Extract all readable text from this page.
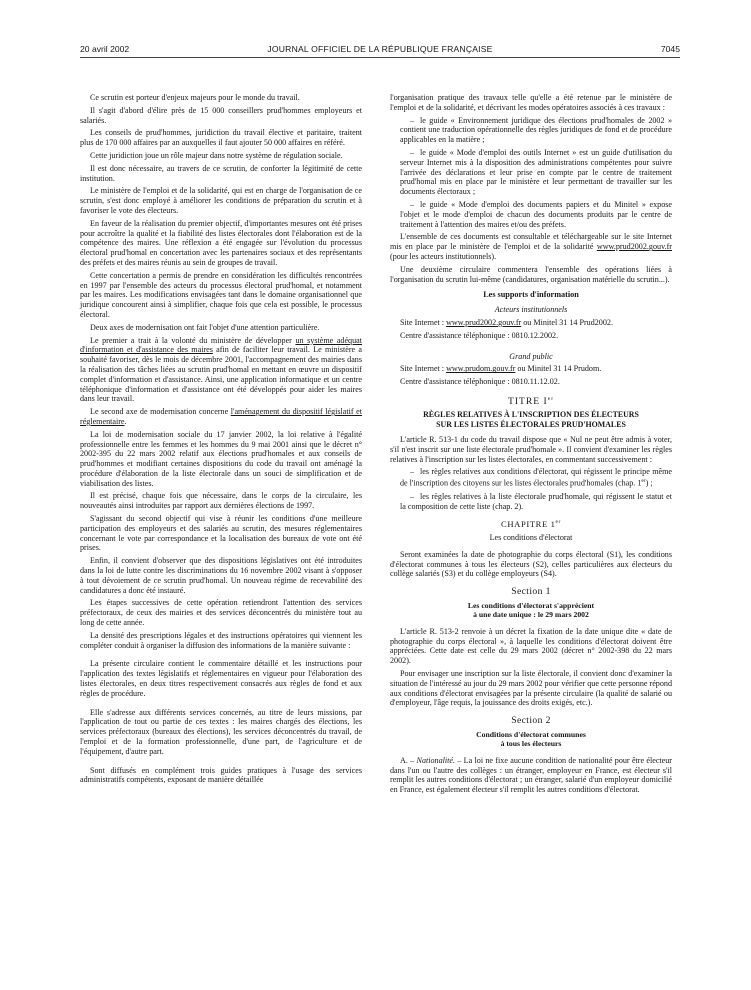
20 avril 2002	JOURNAL OFFICIEL DE LA RÉPUBLIQUE FRANÇAISE	7045

Ce scrutin est porteur d'enjeux majeurs pour le monde du travail.

Il s'agit d'abord d'élire près de 15 000 conseillers prud'hommes employeurs et salariés.

Les conseils de prud'hommes, juridiction du travail élective et paritaire, traitent plus de 170 000 affaires par an auxquelles il faut ajouter 50 000 affaires en référé.

Cette juridiction joue un rôle majeur dans notre système de régulation sociale.

Il est donc nécessaire, au travers de ce scrutin, de conforter la légitimité de cette institution.

Le ministère de l'emploi et de la solidarité, qui est en charge de l'organisation de ce scrutin, s'est donc employé à améliorer les conditions de préparation du scrutin et à favoriser le vote des électeurs.

En faveur de la réalisation du premier objectif, d'importantes mesures ont été prises pour accroître la qualité et la fiabilité des listes électorales dont l'élaboration est de la compétence des maires. Une réflexion a été engagée sur l'évolution du processus électoral prud'homal en concertation avec les partenaires sociaux et des représentants des préfets et des maires réunis au sein de groupes de travail.

Cette concertation a permis de prendre en considération les difficultés rencontrées en 1997 par l'ensemble des acteurs du processus électoral prud'homal, et notamment par les maires. Les modifications envisagées tant dans le domaine organisationnel que juridique concourent ainsi à simplifier, chaque fois que cela est possible, le processus électoral.

Deux axes de modernisation ont fait l'objet d'une attention particulière.

Le premier a trait à la volonté du ministère de développer un système adéquat d'information et d'assistance des maires afin de faciliter leur travail. Le ministère a souhaité favoriser, dès le mois de décembre 2001, l'accompagnement des mairies dans la réalisation des tâches liées au scrutin prud'homal en mettant en œuvre un dispositif complet d'information et d'assistance. Ainsi, une application informatique et un centre téléphonique d'information et d'assistance ont été développés pour aider les maires dans leur travail.

Le second axe de modernisation concerne l'aménagement du dispositif législatif et réglementaire.

La loi de modernisation sociale du 17 janvier 2002, la loi relative à l'égalité professionnelle entre les femmes et les hommes du 9 mai 2001 ainsi que le décret n° 2002-395 du 22 mars 2002 relatif aux élections prud'homales et aux conseils de prud'hommes et modifiant certaines dispositions du code du travail ont aménagé la procédure d'élaboration de la liste électorale dans un souci de simplification et de viabilisation des listes.

Il est précisé, chaque fois que nécessaire, dans le corps de la circulaire, les nouveautés ainsi introduites par rapport aux dernières élections de 1997.

S'agissant du second objectif qui vise à réunir les conditions d'une meilleure participation des employeurs et des salariés au scrutin, des mesures réglementaires concernant le vote par correspondance et la localisation des bureaux de vote ont été prises.

Enfin, il convient d'observer que des dispositions législatives ont été introduites dans la loi de lutte contre les discriminations du 16 novembre 2002 visant à s'opposer à tout dévoiement de ce scrutin prud'homal. Un nouveau régime de recevabilité des candidatures a donc été instauré.

Les étapes successives de cette opération retiendront l'attention des services préfectoraux, de ceux des mairies et des services déconcentrés du ministère tout au long de cette année.

La densité des prescriptions légales et des instructions opératoires qui viennent les compléter conduit à organiser la diffusion des informations de la manière suivante :

La présente circulaire contient le commentaire détaillé et les instructions pour l'application des textes législatifs et réglementaires en vigueur pour l'élaboration des listes électorales, en deux titres respectivement consacrés aux règles de fond et aux règles de procédure.

Elle s'adresse aux différents services concernés, au titre de leurs missions, par l'application de tout ou partie de ces textes : les maires chargés des élections, les services préfectoraux (bureaux des élections), les services déconcentrés du travail, de l'emploi et de la formation professionnelle, d'une part, de l'agriculture et de l'équipement, d'autre part.

Sont diffusés en complément trois guides pratiques à l'usage des services administratifs compétents, exposant de manière détaillée

l'organisation pratique des travaux telle qu'elle a été retenue par le ministère de l'emploi et de la solidarité, et décrivant les modes opératoires associés à ces travaux :

– le guide « Environnement juridique des élections prud'homales de 2002 » contient une traduction opérationnelle des règles juridiques de fond et de procédure applicables en la matière ;

– le guide « Mode d'emploi des outils Internet » est un guide d'utilisation du serveur Internet mis à la disposition des administrations compétentes pour suivre l'arrivée des déclarations et leur prise en compte par le centre de traitement prud'homal mis en place par le ministère et leur permettant de travailler sur les documents électoraux ;

– le guide « Mode d'emploi des documents papiers et du Minitel » expose l'objet et le mode d'emploi de chacun des documents produits par le centre de traitement à l'attention des maires et/ou des préfets.

L'ensemble de ces documents est consultable et téléchargeable sur le site Internet mis en place par le ministère de l'emploi et de la solidarité www.prud2002.gouv.fr (pour les acteurs institutionnels).

Une deuxième circulaire commentera l'ensemble des opérations liées à l'organisation du scrutin lui-même (candidatures, organisation matérielle du scrutin...).

Les supports d'information
Acteurs institutionnels

Site Internet : www.prud2002.gouv.fr ou Minitel 31 14 Prud2002.

Centre d'assistance téléphonique : 0810.12.2002.

Grand public

Site Internet : www.prudom.gouv.fr ou Minitel 31 14 Prudom.

Centre d'assistance téléphonique : 0810.11.12.02.

TITRE Ier
RÈGLES RELATIVES À L'INSCRIPTION DES ÉLECTEURS
SUR LES LISTES ÉLECTORALES PRUD'HOMALES

L'article R. 513-1 du code du travail dispose que « Nul ne peut être admis à voter, s'il n'est inscrit sur une liste électorale prud'homale ». Il convient d'examiner les règles relatives à l'inscription sur les listes électorales, en commentant successivement :

– les règles relatives aux conditions d'électorat, qui régissent le principe même de l'inscription des citoyens sur les listes électorales prud'homales (chap. 1er) ;

– les règles relatives à la liste électorale prud'homale, qui régissent le statut et la composition de cette liste (chap. 2).

CHAPITRE 1er
Les conditions d'électorat

Seront examinées la date de photographie du corps électoral (S1), les conditions d'électorat communes à tous les électeurs (S2), celles particulières aux électeurs du collège salariés (S3) et du collège employeurs (S4).

Section 1
Les conditions d'électorat s'apprécient
à une date unique : le 29 mars 2002

L'article R. 513-2 renvoie à un décret la fixation de la date unique dite « date de photographie du corps électoral », à laquelle les conditions d'électorat doivent être appréciées. Cette date est celle du 29 mars 2002 (décret n° 2002-398 du 22 mars 2002).

Pour envisager une inscription sur la liste électorale, il convient donc d'examiner la situation de l'intéressé au jour du 29 mars 2002 pour vérifier que cette personne répond aux conditions d'électorat envisagées par la présente circulaire (la qualité de salarié ou d'employeur, l'âge requis, la jouissance des droits exigés, etc.).

Section 2
Conditions d'électorat communes
à tous les électeurs

A. – Nationalité. – La loi ne fixe aucune condition de nationalité pour être électeur dans l'un ou l'autre des collèges : un étranger, employeur en France, est électeur s'il remplit les autres conditions d'électorat ; un étranger, salarié d'un employeur domicilié en France, est également électeur s'il remplit les autres conditions d'électorat.
